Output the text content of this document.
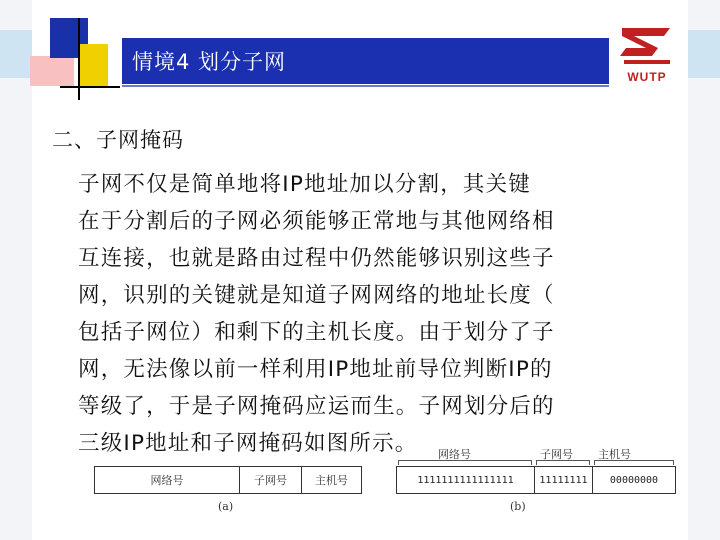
情境4 划分子网
WUTP
二、子网掩码
子网不仅是简单地将IP地址加以分割，其关键
在于分割后的子网必须能够正常地与其他网络相
互连接，也就是路由过程中仍然能够识别这些子
网，识别的关键就是知道子网网络的地址长度（
包括子网位）和剩下的主机长度。由于划分了子
网，无法像以前一样利用IP地址前导位判断IP的
等级了，于是子网掩码应运而生。子网划分后的
三级IP地址和子网掩码如图所示。
网络号	子网号	主机号
(a)
网络号	子网号 主机号
1111111111111111	11111111	00000000
(b)
